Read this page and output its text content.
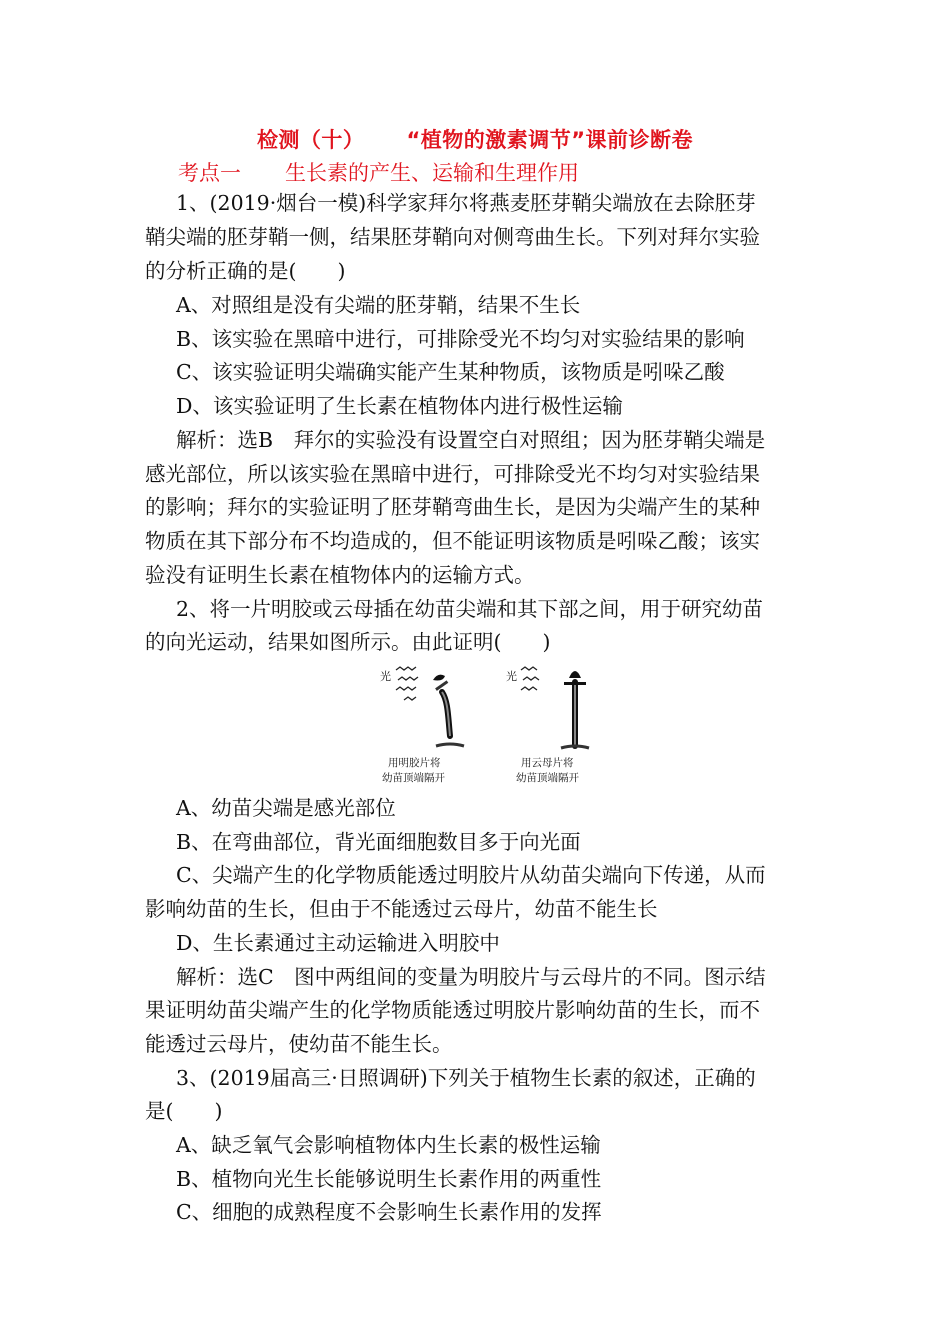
检测（十） “植物的激素调节”课前诊断卷
考点一 生长素的产生、运输和生理作用
1、(2019·烟台一模)科学家拜尔将燕麦胚芽鞘尖端放在去除胚芽
鞘尖端的胚芽鞘一侧，结果胚芽鞘向对侧弯曲生长。下列对拜尔实验
的分析正确的是(　　)
A、对照组是没有尖端的胚芽鞘，结果不生长
B、该实验在黑暗中进行，可排除受光不均匀对实验结果的影响
C、该实验证明尖端确实能产生某种物质，该物质是吲哚乙酸
D、该实验证明了生长素在植物体内进行极性运输
解析：选B　拜尔的实验没有设置空白对照组；因为胚芽鞘尖端是
感光部位，所以该实验在黑暗中进行，可排除受光不均匀对实验结果
的影响；拜尔的实验证明了胚芽鞘弯曲生长，是因为尖端产生的某种
物质在其下部分布不均造成的，但不能证明该物质是吲哚乙酸；该实
验没有证明生长素在植物体内的运输方式。
2、将一片明胶或云母插在幼苗尖端和其下部之间，用于研究幼苗
的向光运动，结果如图所示。由此证明(　　)
光
用明胶片将
幼苗顶端隔开
光
用云母片将
幼苗顶端隔开
A、幼苗尖端是感光部位
B、在弯曲部位，背光面细胞数目多于向光面
C、尖端产生的化学物质能透过明胶片从幼苗尖端向下传递，从而
影响幼苗的生长，但由于不能透过云母片，幼苗不能生长
D、生长素通过主动运输进入明胶中
解析：选C　图中两组间的变量为明胶片与云母片的不同。图示结
果证明幼苗尖端产生的化学物质能透过明胶片影响幼苗的生长，而不
能透过云母片，使幼苗不能生长。
3、(2019届高三·日照调研)下列关于植物生长素的叙述，正确的
是(　　)
A、缺乏氧气会影响植物体内生长素的极性运输
B、植物向光生长能够说明生长素作用的两重性
C、细胞的成熟程度不会影响生长素作用的发挥
